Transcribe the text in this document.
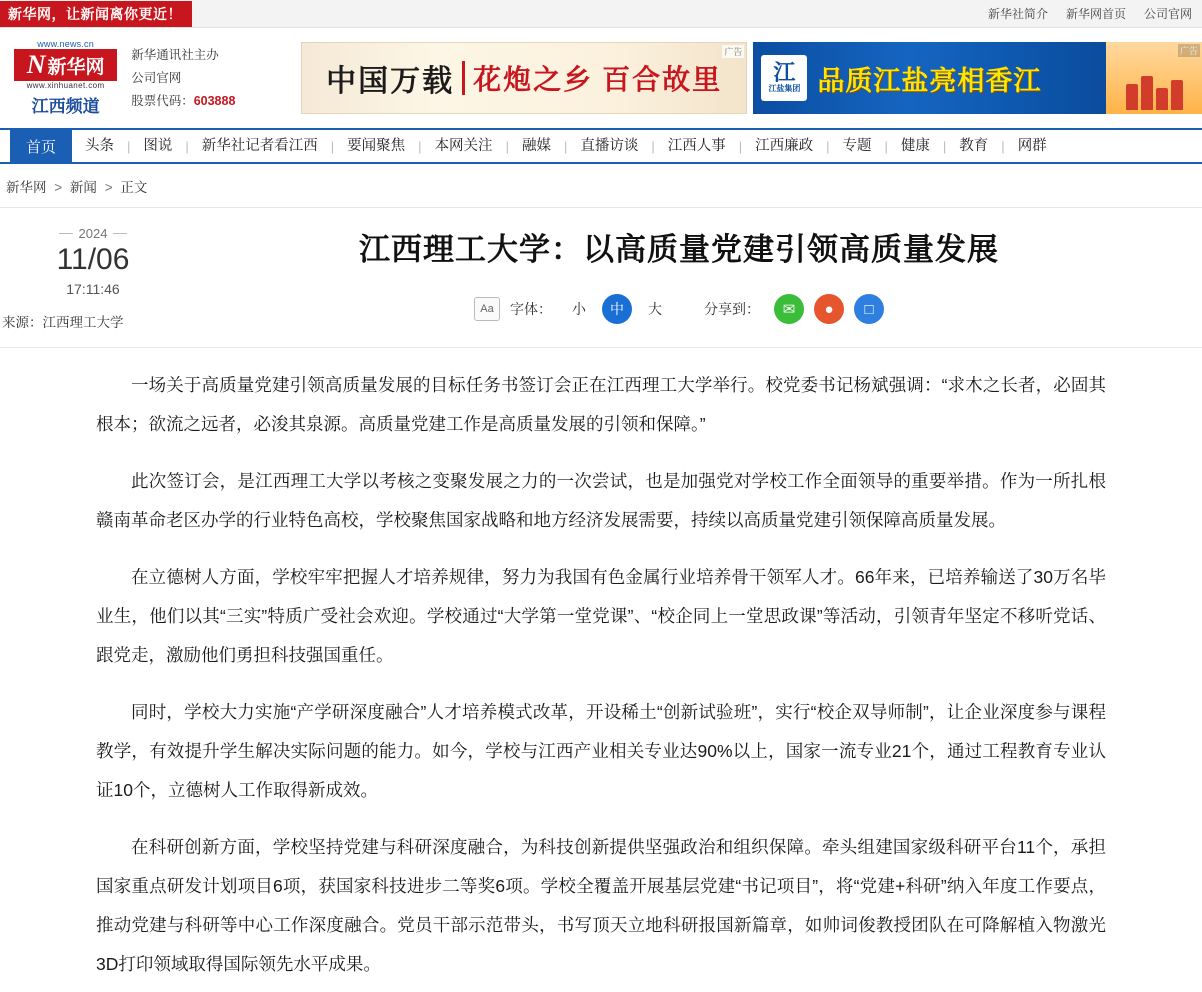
新华网，让新闻离你更近！	新华社简介 新华网首页 公司官网
www.news.cn
N 新华网
www.xinhuanet.com
江西频道
新华通讯社主办
公司官网
股票代码：603888
中国万载 花炮之乡 百合故里
广告
江
江盐集团 品质江盐亮相香江
广告
首页	头条	| 图说	| 新华社记者看江西	| 要闻聚焦	| 本网关注	| 融媒	| 直播访谈	| 江西人事	| 江西廉政	| 专题	| 健康	| 教育	| 网群
新华网 > 新闻 > 正文
2024
11/06
17:11:46
来源：江西理工大学
江西理工大学：以高质量党建引领高质量发展
Aa	字体：	小	中	大	分享到：	✉	●	□

一场关于高质量党建引领高质量发展的目标任务书签订会正在江西理工大学举行。校党委书记杨斌强调：“求木之长者，必固其根本；欲流之远者，必浚其泉源。高质量党建工作是高质量发展的引领和保障。”

此次签订会，是江西理工大学以考核之变聚发展之力的一次尝试，也是加强党对学校工作全面领导的重要举措。作为一所扎根赣南革命老区办学的行业特色高校，学校聚焦国家战略和地方经济发展需要，持续以高质量党建引领保障高质量发展。

在立德树人方面，学校牢牢把握人才培养规律，努力为我国有色金属行业培养骨干领军人才。66年来，已培养输送了30万名毕业生，他们以其“三实”特质广受社会欢迎。学校通过“大学第一堂党课”、“校企同上一堂思政课”等活动，引领青年坚定不移听党话、跟党走，激励他们勇担科技强国重任。

同时，学校大力实施“产学研深度融合”人才培养模式改革，开设稀土“创新试验班”，实行“校企双导师制”，让企业深度参与课程教学，有效提升学生解决实际问题的能力。如今，学校与江西产业相关专业达90%以上，国家一流专业21个，通过工程教育专业认证10个，立德树人工作取得新成效。

在科研创新方面，学校坚持党建与科研深度融合，为科技创新提供坚强政治和组织保障。牵头组建国家级科研平台11个，承担国家重点研发计划项目6项，获国家科技进步二等奖6项。学校全覆盖开展基层党建“书记项目”，将“党建+科研”纳入年度工作要点，推动党建与科研等中心工作深度融合。党员干部示范带头，书写顶天立地科研报国新篇章，如帅词俊教授团队在可降解植入物激光3D打印领域取得国际领先水平成果。
